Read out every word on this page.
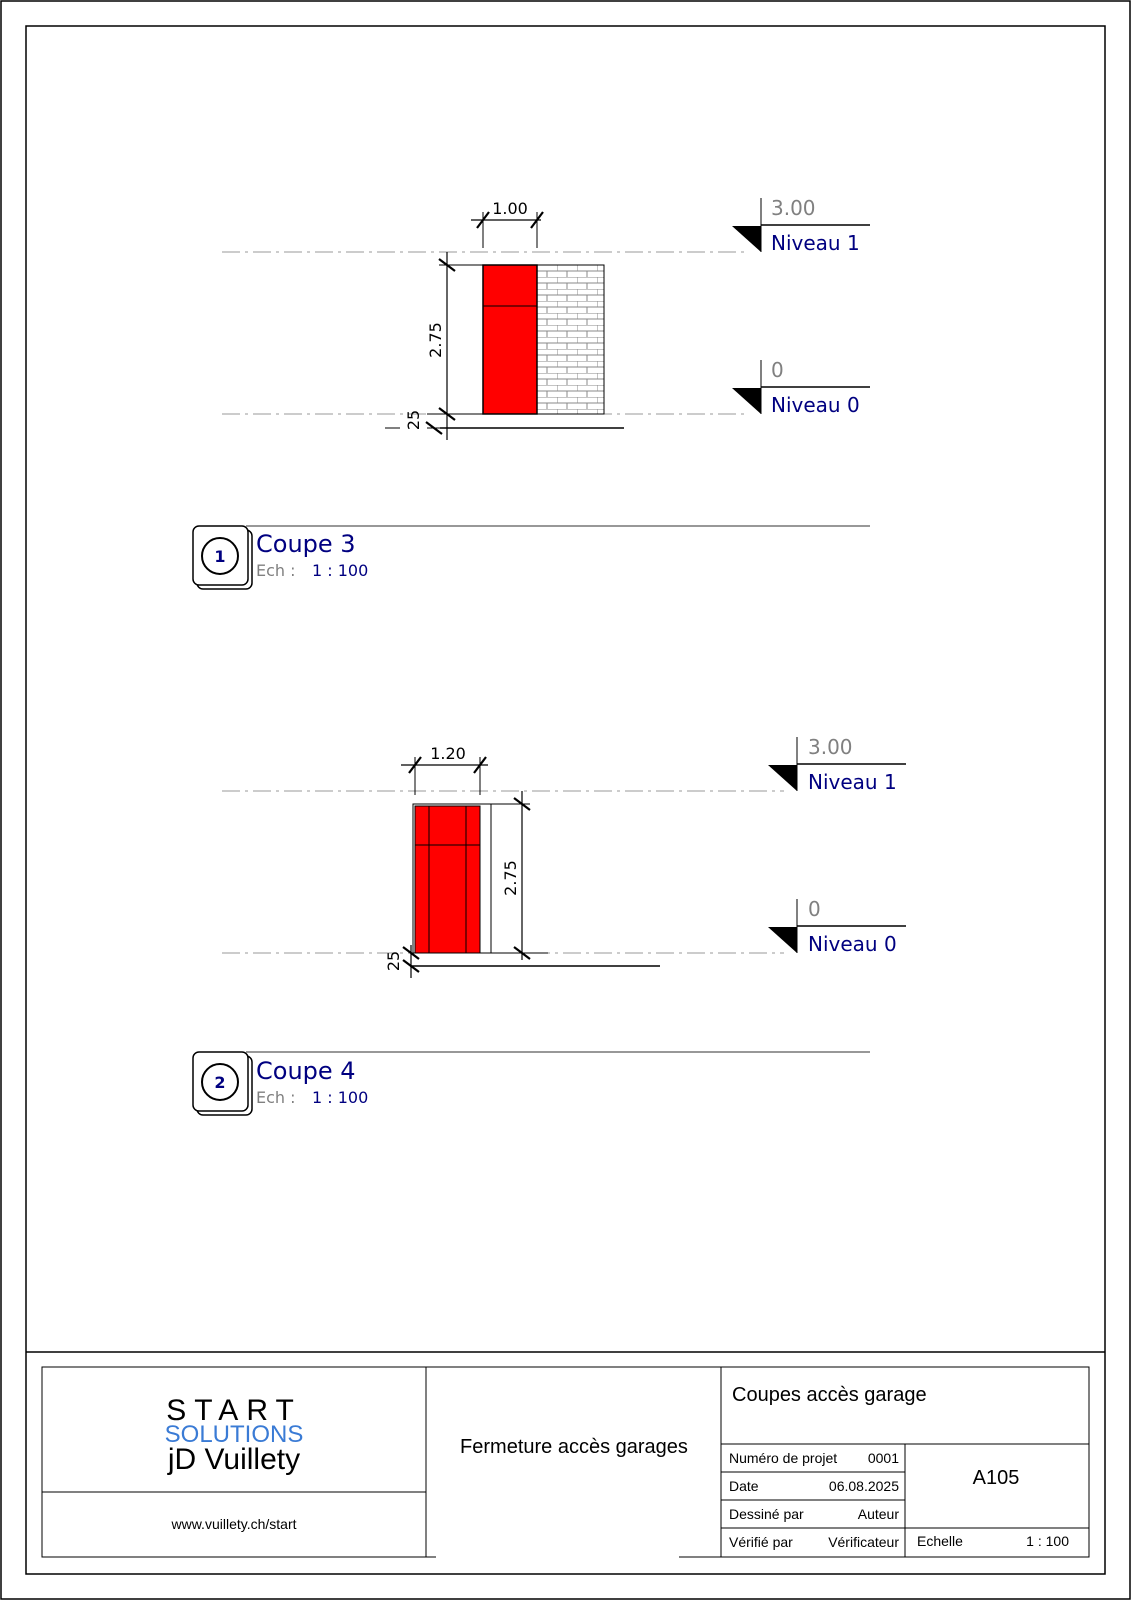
1.00
2.75
25
3.00
Niveau 1
0
Niveau 0
1 Coupe 3
Ech : 1 : 100
1.20
2.75
25
3.00
Niveau 1
0
Niveau 0
2 Coupe 4
Ech : 1 : 100
START
SOLUTIONS
jD Vuillety
www.vuillety.ch/start
Fermeture accès garages
Coupes accès garage
Numéro de projet 0001
Date	06.08.2025
Dessiné par	Auteur
Vérifié par	Vérificateur
A105
Echelle	1 : 100
